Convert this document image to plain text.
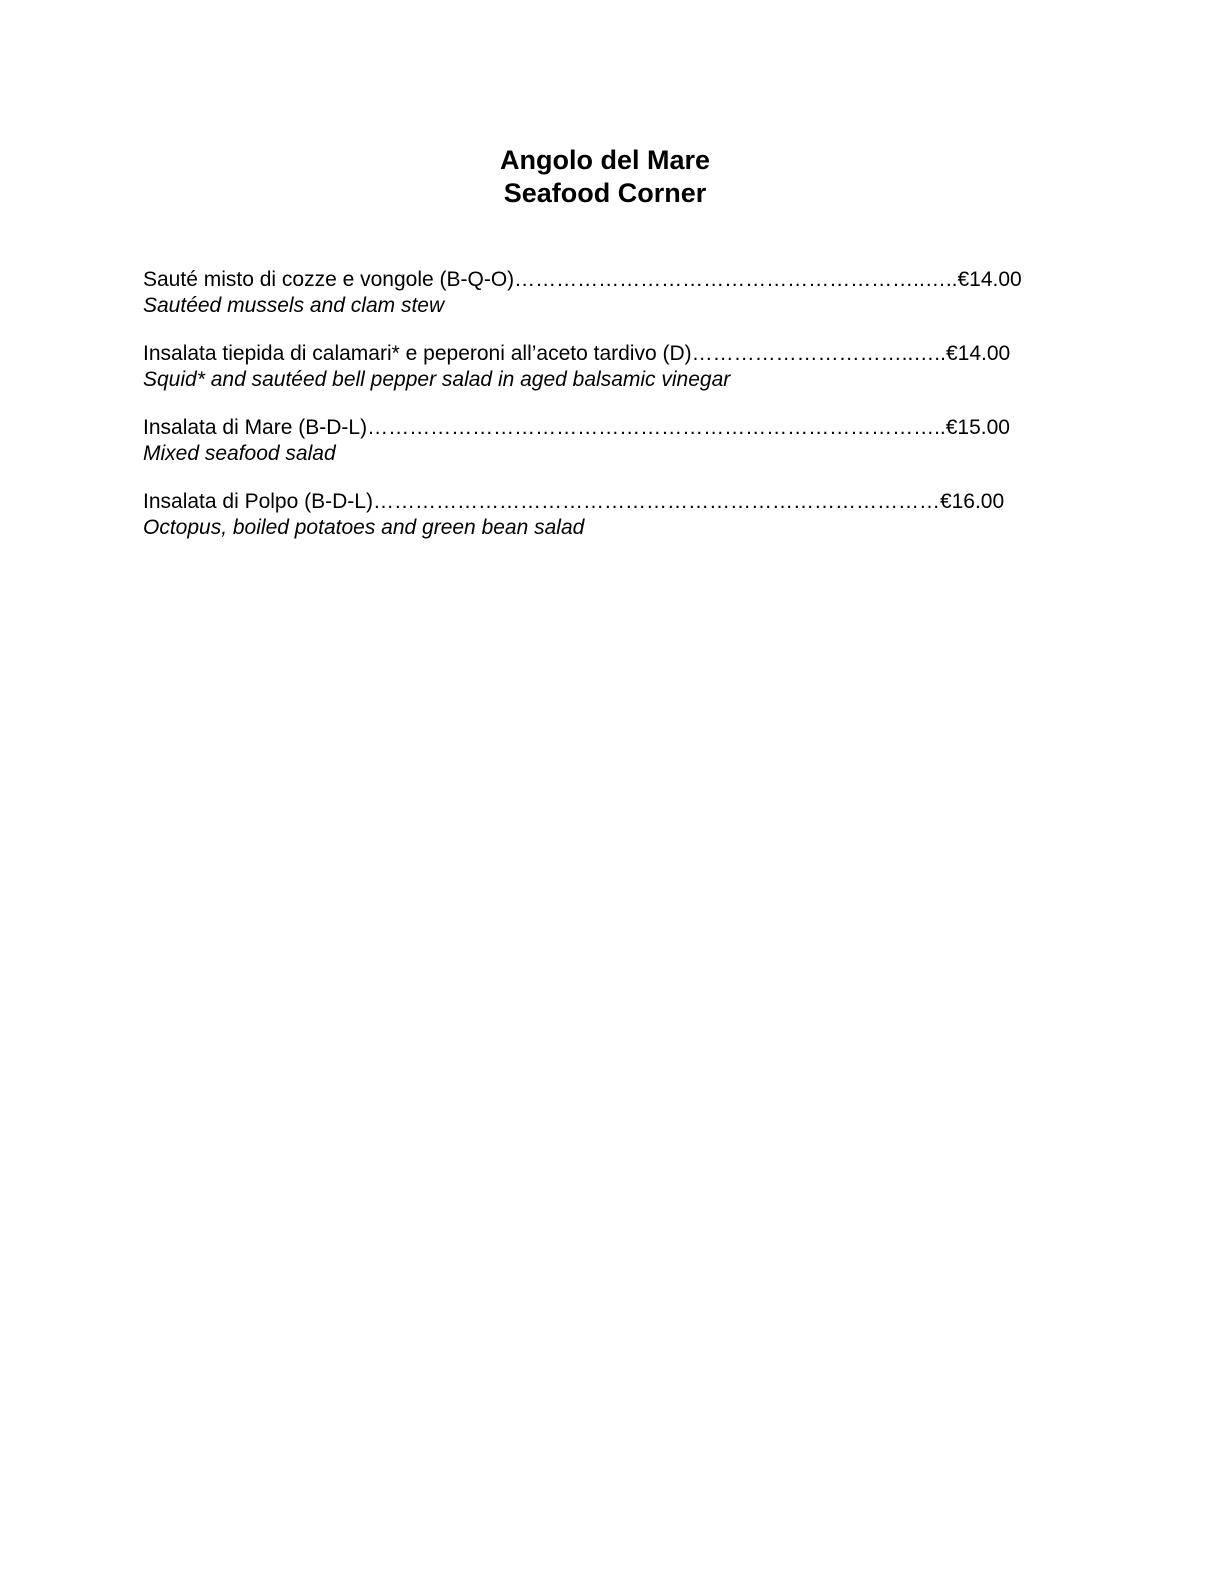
Angolo del Mare

Seafood Corner

Sauté misto di cozze e vongole (B-Q-O)…………………………………………………..…..€14.00
Sautéed mussels and clam stew
Insalata tiepida di calamari* e peperoni all’aceto tardivo (D)…………………………..…..€14.00
Squid* and sautéed bell pepper salad in aged balsamic vinegar
Insalata di Mare (B-D-L)………………………………………………………………………..€15.00
Mixed seafood salad
Insalata di Polpo (B-D-L)………………………………………………………………………€16.00
Octopus, boiled potatoes and green bean salad
